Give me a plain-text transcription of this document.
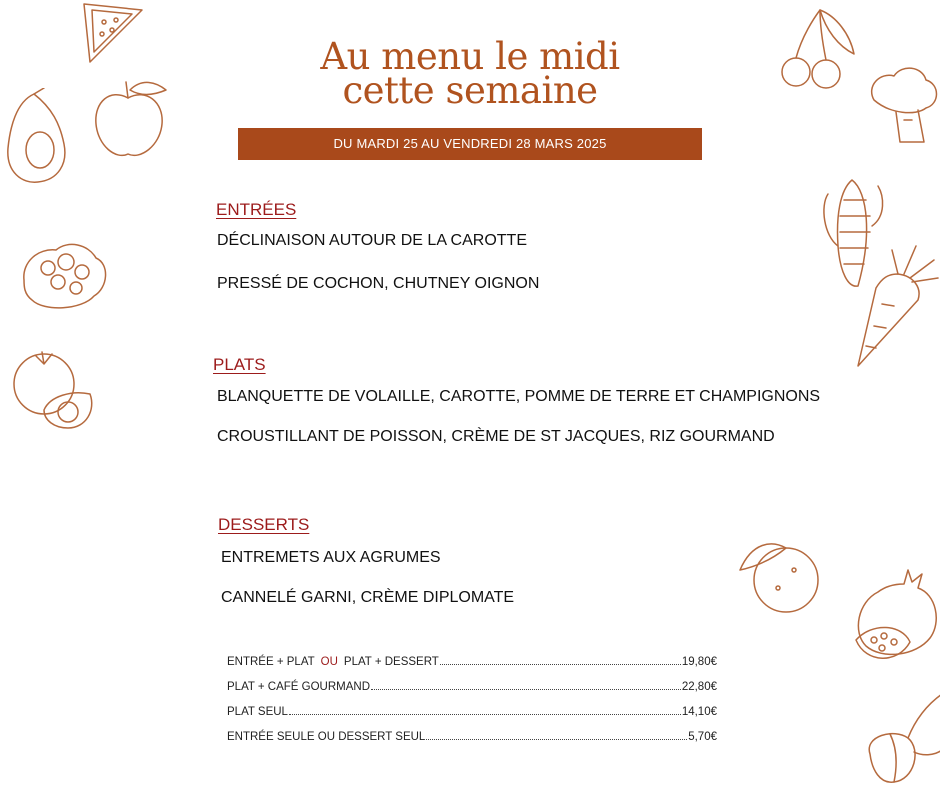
Au menu le midi
cette semaine
DU MARDI 25 AU VENDREDI 28 MARS 2025
ENTRÉES
DÉCLINAISON AUTOUR DE LA CAROTTE
PRESSÉ DE COCHON, CHUTNEY OIGNON
PLATS
BLANQUETTE DE VOLAILLE, CAROTTE, POMME DE TERRE ET CHAMPIGNONS
CROUSTILLANT DE POISSON, CRÈME DE ST JACQUES, RIZ GOURMAND
DESSERTS
ENTREMETS AUX AGRUMES
CANNELÉ GARNI, CRÈME DIPLOMATE
ENTRÉE + PLAT OU PLAT + DESSERT	19,80€
PLAT + CAFÉ GOURMAND	22,80€
PLAT SEUL	14,10€
ENTRÉE SEULE OU DESSERT SEUL	5,70€
